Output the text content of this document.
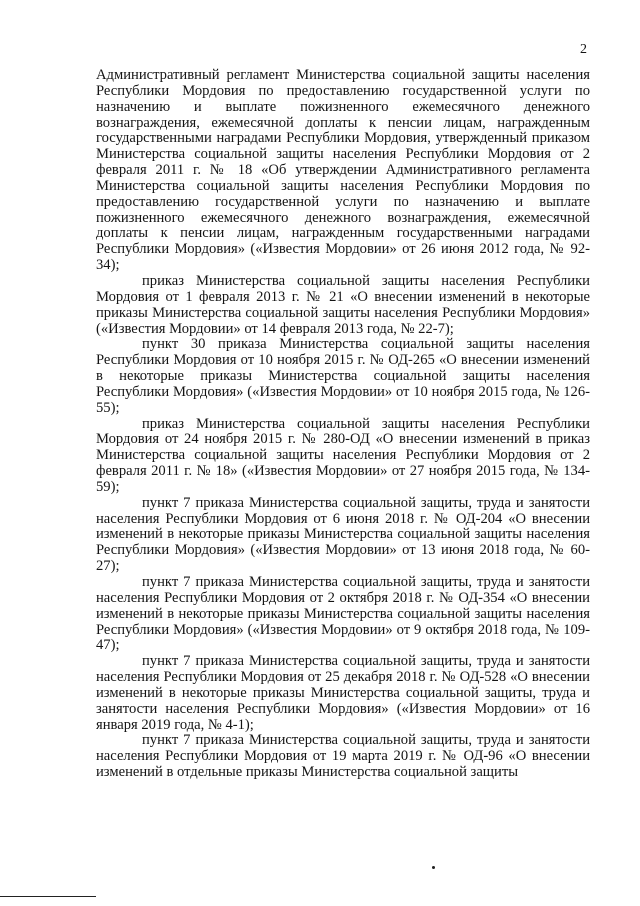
2

Административный регламент Министерства социальной защиты населения Республики Мордовия по предоставлению государственной услуги по назначению и выплате пожизненного ежемесячного денежного вознаграждения, ежемесячной доплаты к пенсии лицам, награжденным государственными наградами Республики Мордовия, утвержденный приказом Министерства социальной защиты населения Республики Мордовия от 2 февраля 2011 г. № 18 «Об утверждении Административного регламента Министерства социальной защиты населения Республики Мордовия по предоставлению государственной услуги по назначению и выплате пожизненного ежемесячного денежного вознаграждения, ежемесячной доплаты к пенсии лицам, награжденным государственными наградами Республики Мордовия» («Известия Мордовии» от 26 июня 2012 года, № 92-34);

приказ Министерства социальной защиты населения Республики Мордовия от 1 февраля 2013 г. № 21 «О внесении изменений в некоторые приказы Министерства социальной защиты населения Республики Мордовия» («Известия Мордовии» от 14 февраля 2013 года, № 22-7);

пункт 30 приказа Министерства социальной защиты населения Республики Мордовия от 10 ноября 2015 г. № ОД-265 «О внесении изменений в некоторые приказы Министерства социальной защиты населения Республики Мордовия» («Известия Мордовии» от 10 ноября 2015 года, № 126-55);

приказ Министерства социальной защиты населения Республики Мордовия от 24 ноября 2015 г. № 280-ОД «О внесении изменений в приказ Министерства социальной защиты населения Республики Мордовия от 2 февраля 2011 г. № 18» («Известия Мордовии» от 27 ноября 2015 года, № 134-59);

пункт 7 приказа Министерства социальной защиты, труда и занятости населения Республики Мордовия от 6 июня 2018 г. № ОД-204 «О внесении изменений в некоторые приказы Министерства социальной защиты населения Республики Мордовия» («Известия Мордовии» от 13 июня 2018 года, № 60-27);

пункт 7 приказа Министерства социальной защиты, труда и занятости населения Республики Мордовия от 2 октября 2018 г. № ОД-354 «О внесении изменений в некоторые приказы Министерства социальной защиты населения Республики Мордовия» («Известия Мордовии» от 9 октября 2018 года, № 109-47);

пункт 7 приказа Министерства социальной защиты, труда и занятости населения Республики Мордовия от 25 декабря 2018 г. № ОД-528 «О внесении изменений в некоторые приказы Министерства социальной защиты, труда и занятости населения Республики Мордовия» («Известия Мордовии» от 16 января 2019 года, № 4-1);

пункт 7 приказа Министерства социальной защиты, труда и занятости населения Республики Мордовия от 19 марта 2019 г. № ОД-96 «О внесении изменений в отдельные приказы Министерства социальной защиты
